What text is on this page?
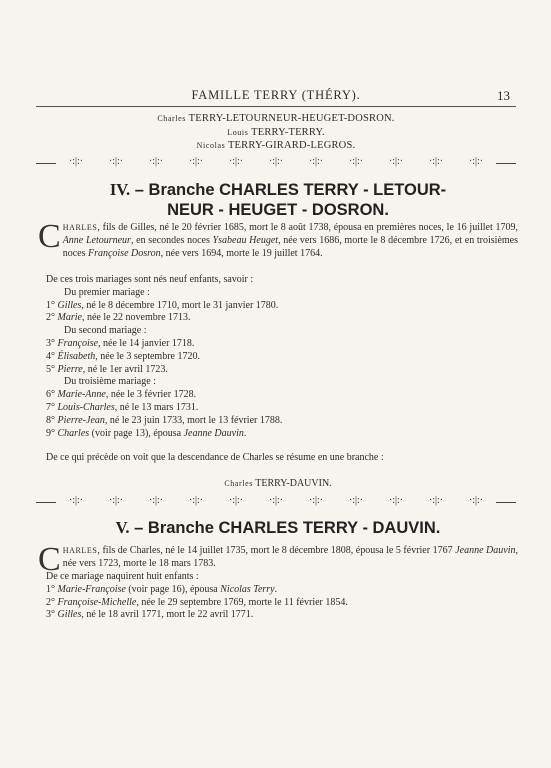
FAMILLE TERRY (THÉRY).	13
Charles TERRY-LETOURNEUR-HEUGET-DOSRON.
Louis TERRY-TERRY.
Nicolas TERRY-GIRARD-LEGROS.
·:|:·	·:|:·	·:|:·	·:|:·	·:|:·	·:|:·	·:|:·	·:|:·	·:|:·	·:|:·	·:|:·
IV. – Branche CHARLES TERRY - LETOUR-
NEUR - HEUGET - DOSRON.
CHARLES, fils de Gilles, né le 20 février 1685, mort le 8 août 1738, épousa en premières noces, le 16 juillet 1709, Anne Letourneur, en secondes noces Ysabeau Heuget, née vers 1686, morte le 8 décembre 1726, et en troisièmes noces Françoise Dosron, née vers 1694, morte le 19 juillet 1764.
De ces trois mariages sont nés neuf enfants, savoir :
Du premier mariage :
1° Gilles, né le 8 décembre 1710, mort le 31 janvier 1780.
2° Marie, née le 22 novembre 1713.
Du second mariage :
3° Françoise, née le 14 janvier 1718.
4° Élisabeth, née le 3 septembre 1720.
5° Pierre, né le 1er avril 1723.
Du troisième mariage :
6° Marie-Anne, née le 3 février 1728.
7° Louis-Charles, né le 13 mars 1731.
8° Pierre-Jean, né le 23 juin 1733, mort le 13 février 1788.
9° Charles (voir page 13), épousa Jeanne Dauvin.
De ce qui précède on voit que la descendance de Charles se résume en une branche :
Charles TERRY-DAUVIN.
·:|:·	·:|:·	·:|:·	·:|:·	·:|:·	·:|:·	·:|:·	·:|:·	·:|:·	·:|:·	·:|:·
V. – Branche CHARLES TERRY - DAUVIN.
CHARLES, fils de Charles, né le 14 juillet 1735, mort le 8 décembre 1808, épousa le 5 février 1767 Jeanne Dauvin, née vers 1723, morte le 18 mars 1783.
De ce mariage naquirent huit enfants :
1° Marie-Françoise (voir page 16), épousa Nicolas Terry.
2° Françoise-Michelle, née le 29 septembre 1769, morte le 11 février 1854.
3° Gilles, né le 18 avril 1771, mort le 22 avril 1771.
